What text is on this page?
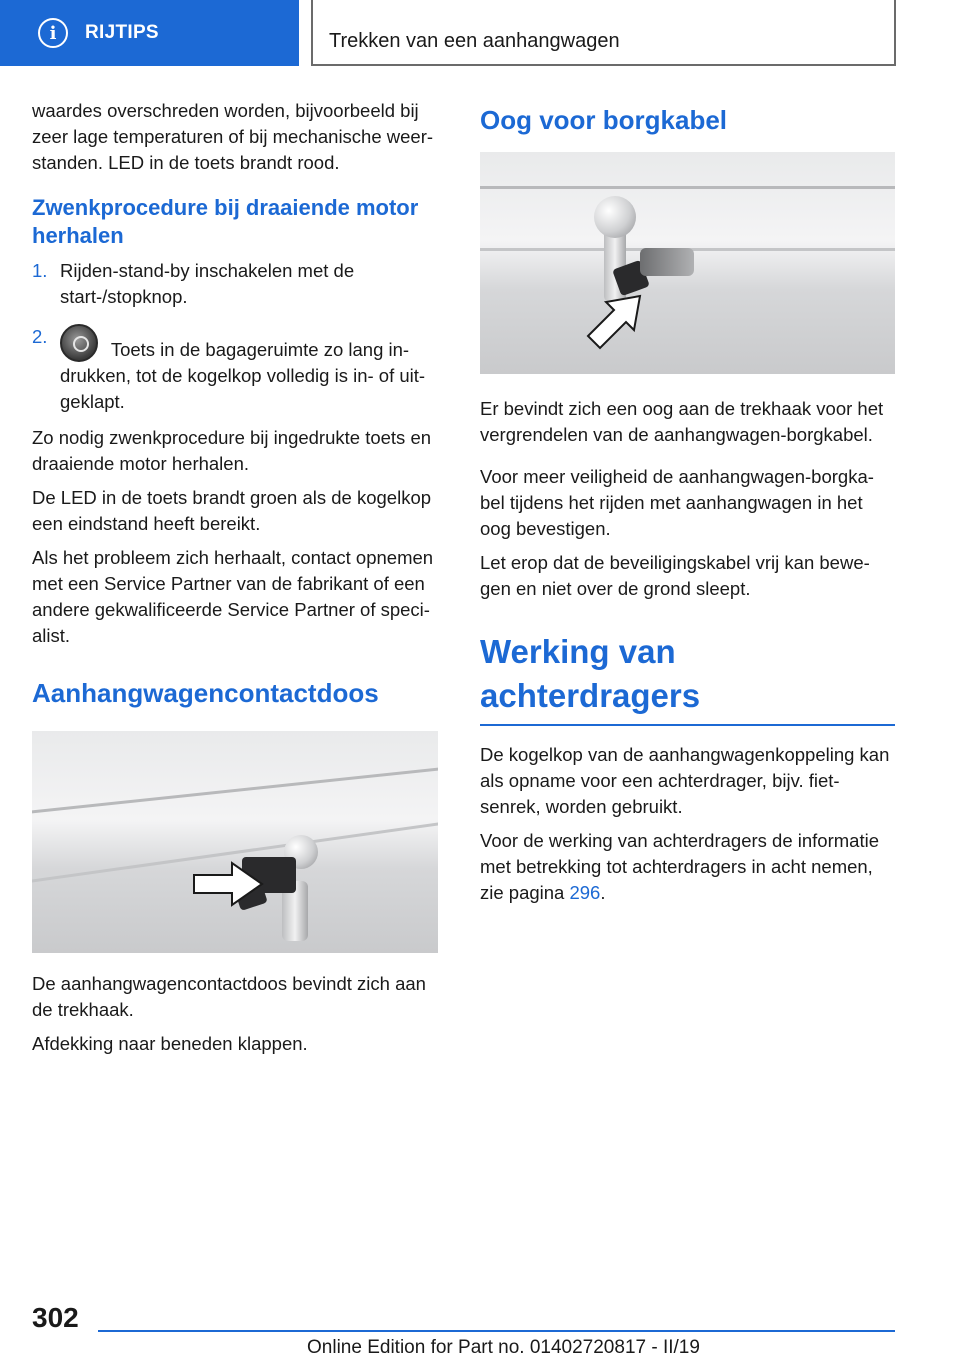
i	RIJTIPS	Trekken van een aanhangwagen

waardes overschreden worden, bijvoorbeeld bij zeer lage temperaturen of bij mechanische weer-standen. LED in de toets brandt rood.

Zwenkprocedure bij draaiende motor herhalen
1. Rijden-stand-by inschakelen met de start-/stopknop.
2.
Toets in de bagageruimte zo lang in-drukken, tot de kogelkop volledig is in- of uit-geklapt.

Zo nodig zwenkprocedure bij ingedrukte toets en draaiende motor herhalen.

De LED in de toets brandt groen als de kogelkop een eindstand heeft bereikt.

Als het probleem zich herhaalt, contact opnemen met een Service Partner van de fabrikant of een andere gekwalificeerde Service Partner of speci-alist.

Aanhangwagencontactdoos

De aanhangwagencontactdoos bevindt zich aan de trekhaak.

Afdekking naar beneden klappen.

Oog voor borgkabel

Er bevindt zich een oog aan de trekhaak voor het vergrendelen van de aanhangwagen-borgkabel.

Voor meer veiligheid de aanhangwagen-borgka-bel tijdens het rijden met aanhangwagen in het oog bevestigen.

Let erop dat de beveiligingskabel vrij kan bewe-gen en niet over de grond sleept.

Werking van achterdragers

De kogelkop van de aanhangwagenkoppeling kan als opname voor een achterdrager, bijv. fiet-senrek, worden gebruikt.

Voor de werking van achterdragers de informatie met betrekking tot achterdragers in acht nemen, zie pagina 296.

302
Online Edition for Part no. 01402720817 - II/19
